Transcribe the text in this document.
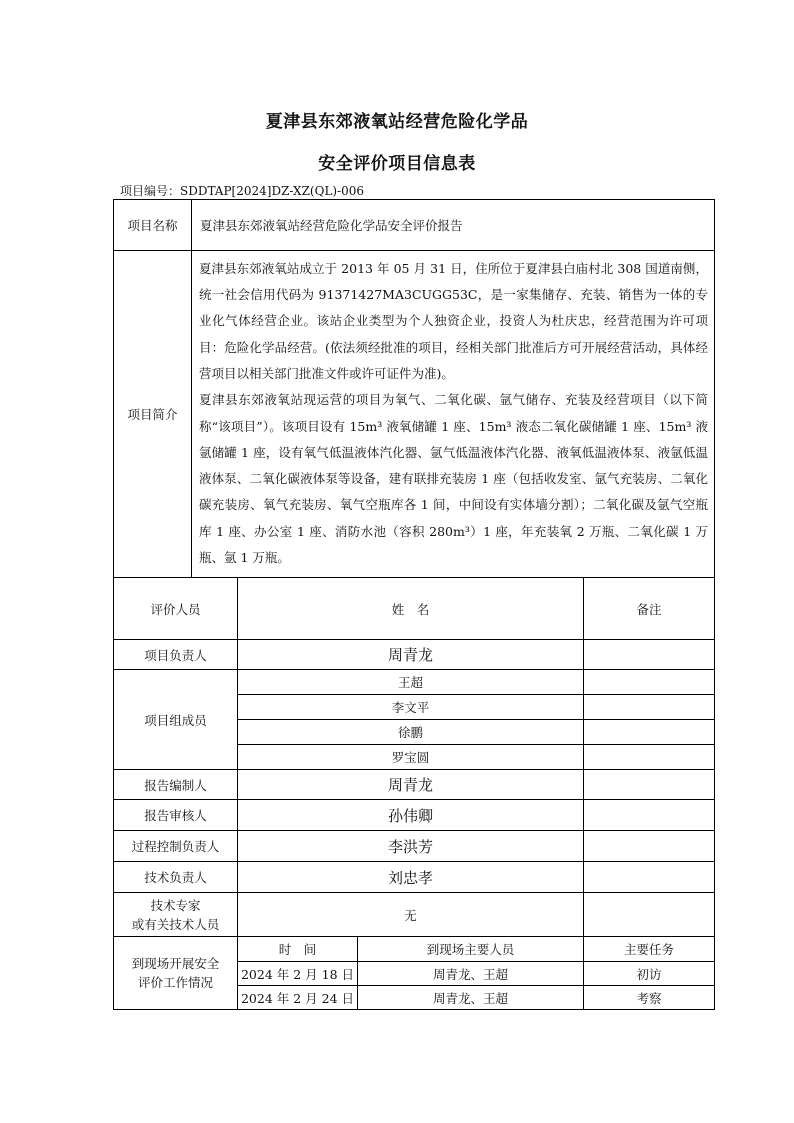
夏津县东郊液氧站经营危险化学品
安全评价项目信息表
项目编号：SDDTAP[2024]DZ-XZ(QL)-006
项目名称	夏津县东郊液氧站经营危险化学品安全评价报告
项目简介	夏津县东郊液氧站成立于 2013 年 05 月 31 日，住所位于夏津县白庙村北 308 国道南侧，统一社会信用代码为 91371427MA3CUGG53C，是一家集储存、充装、销售为一体的专业化气体经营企业。该站企业类型为个人独资企业，投资人为杜庆忠，经营范围为许可项目：危险化学品经营。(依法须经批准的项目，经相关部门批准后方可开展经营活动，具体经营项目以相关部门批准文件或许可证件为准)。

夏津县东郊液氧站现运营的项目为氧气、二氧化碳、氩气储存、充装及经营项目（以下简称“该项目”）。该项目设有 15m³ 液氧储罐 1 座、15m³ 液态二氧化碳储罐 1 座、15m³ 液氩储罐 1 座，设有氧气低温液体汽化器、氩气低温液体汽化器、液氧低温液体泵、液氩低温液体泵、二氧化碳液体泵等设备，建有联排充装房 1 座（包括收发室、氩气充装房、二氧化碳充装房、氧气充装房、氧气空瓶库各 1 间，中间设有实体墙分割）；二氧化碳及氩气空瓶库 1 座、办公室 1 座、消防水池（容积 280m³）1 座，年充装氧 2 万瓶、二氧化碳 1 万瓶、氩 1 万瓶。

评价人员	姓　名		备注
项目负责人	周青龙		
项目组成员	王超		
	李文平		
	徐鹏		
	罗宝圆		
报告编制人	周青龙		
报告审核人	孙伟卿		
过程控制负责人	李洪芳		
技术负责人	刘忠孝		

技术专家
或有关技术人员	无		

到现场开展安全
评价工作情况	时　间	到现场主要人员	主要任务
	2024 年 2 月 18 日	周青龙、王超	初访
	2024 年 2 月 24 日	周青龙、王超	考察
